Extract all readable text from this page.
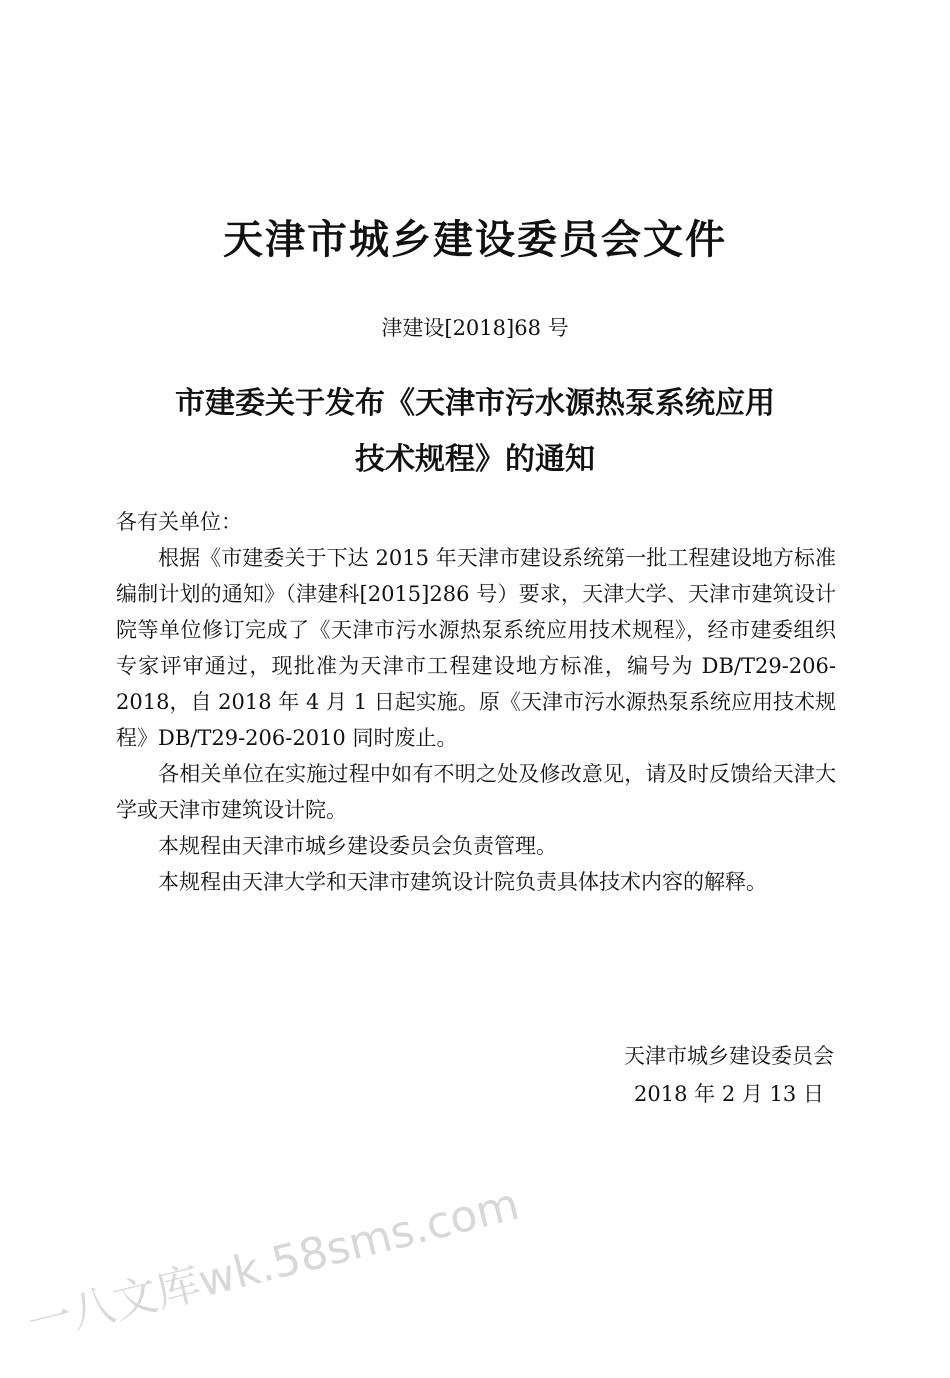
天津市城乡建设委员会文件
津建设[2018]68 号
市建委关于发布《天津市污水源热泵系统应用
技术规程》的通知

各有关单位：

根据《市建委关于下达 2015 年天津市建设系统第一批工程建设地方标准编制计划的通知》（津建科[2015]286 号）要求，天津大学、天津市建筑设计院等单位修订完成了《天津市污水源热泵系统应用技术规程》，经市建委组织专家评审通过，现批准为天津市工程建设地方标准，编号为 DB/T29-206-2018，自 2018 年 4 月 1 日起实施。原《天津市污水源热泵系统应用技术规程》DB/T29-206-2010 同时废止。

各相关单位在实施过程中如有不明之处及修改意见，请及时反馈给天津大学或天津市建筑设计院。

本规程由天津市城乡建设委员会负责管理。

本规程由天津大学和天津市建筑设计院负责具体技术内容的解释。

天津市城乡建设委员会
2018 年 2 月 13 日
一八文库wk.58sms.com
